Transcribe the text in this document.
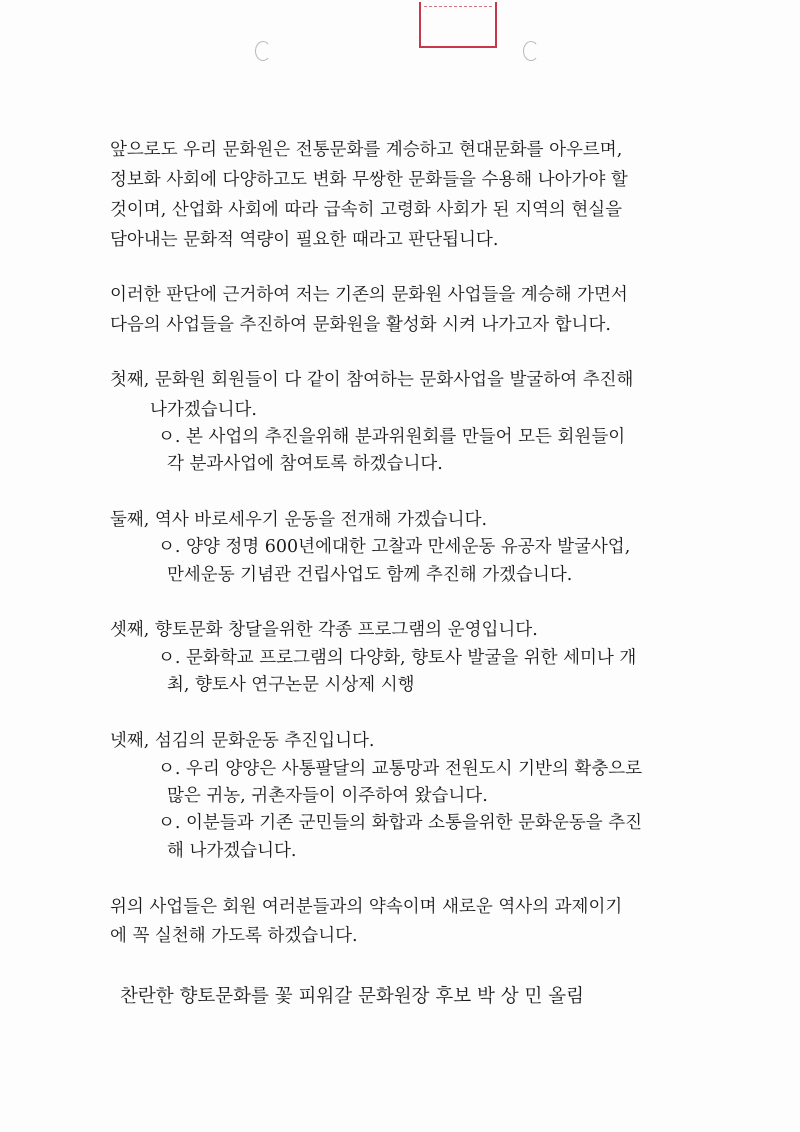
앞으로도 우리 문화원은 전통문화를 계승하고 현대문화를 아우르며,
정보화 사회에 다양하고도 변화 무쌍한 문화들을 수용해 나아가야 할
것이며, 산업화 사회에 따라 급속히 고령화 사회가 된 지역의 현실을
담아내는 문화적 역량이 필요한 때라고 판단됩니다.
이러한 판단에 근거하여 저는 기존의 문화원 사업들을 계승해 가면서
다음의 사업들을 추진하여 문화원을 활성화 시켜 나가고자 합니다.
첫째, 문화원 회원들이 다 같이 참여하는 문화사업을 발굴하여 추진해
나가겠습니다.
ㅇ. 본 사업의 추진을위해 분과위원회를 만들어 모든 회원들이
각 분과사업에 참여토록 하겠습니다.
둘째, 역사 바로세우기 운동을 전개해 가겠습니다.
ㅇ. 양양 정명 600년에대한 고찰과 만세운동 유공자 발굴사업,
만세운동 기념관 건립사업도 함께 추진해 가겠습니다.
셋째, 향토문화 창달을위한 각종 프로그램의 운영입니다.
ㅇ. 문화학교 프로그램의 다양화, 향토사 발굴을 위한 세미나 개
최, 향토사 연구논문 시상제 시행
넷째, 섬김의 문화운동 추진입니다.
ㅇ. 우리 양양은 사통팔달의 교통망과 전원도시 기반의 확충으로
많은 귀농, 귀촌자들이 이주하여 왔습니다.
ㅇ. 이분들과 기존 군민들의 화합과 소통을위한 문화운동을 추진
해 나가겠습니다.
위의 사업들은 회원 여러분들과의 약속이며 새로운 역사의 과제이기
에 꼭 실천해 가도록 하겠습니다.
찬란한 향토문화를 꽃 피워갈 문화원장 후보 박 상 민 올림
